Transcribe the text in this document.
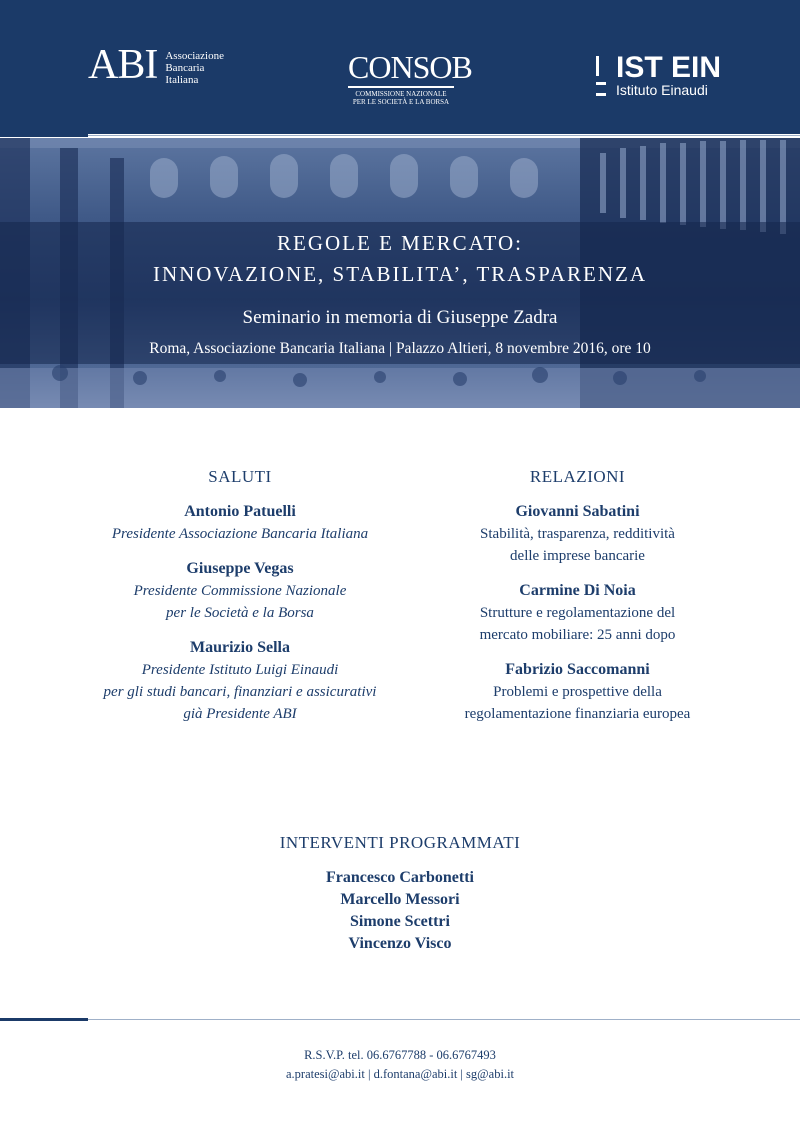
ABI Associazione
Bancaria
Italiana	CONSOB
COMMISSIONE NAZIONALE
PER LE SOCIETÀ E LA BORSA
IST EIN
Istituto Einaudi
REGOLE E MERCATO:
INNOVAZIONE, STABILITA’, TRASPARENZA
Seminario in memoria di Giuseppe Zadra
Roma, Associazione Bancaria Italiana | Palazzo Altieri, 8 novembre 2016, ore 10
SALUTI
Antonio Patuelli
Presidente Associazione Bancaria Italiana
Giuseppe Vegas
Presidente Commissione Nazionale
per le Società e la Borsa
Maurizio Sella
Presidente Istituto Luigi Einaudi
per gli studi bancari, finanziari e assicurativi
già Presidente ABI
RELAZIONI
Giovanni Sabatini
Stabilità, trasparenza, redditività
delle imprese bancarie
Carmine Di Noia
Strutture e regolamentazione del
mercato mobiliare: 25 anni dopo
Fabrizio Saccomanni
Problemi e prospettive della
regolamentazione finanziaria europea
INTERVENTI PROGRAMMATI
Francesco Carbonetti
Marcello Messori
Simone Scettri
Vincenzo Visco
R.S.V.P. tel. 06.6767788 - 06.6767493
a.pratesi@abi.it | d.fontana@abi.it | sg@abi.it
